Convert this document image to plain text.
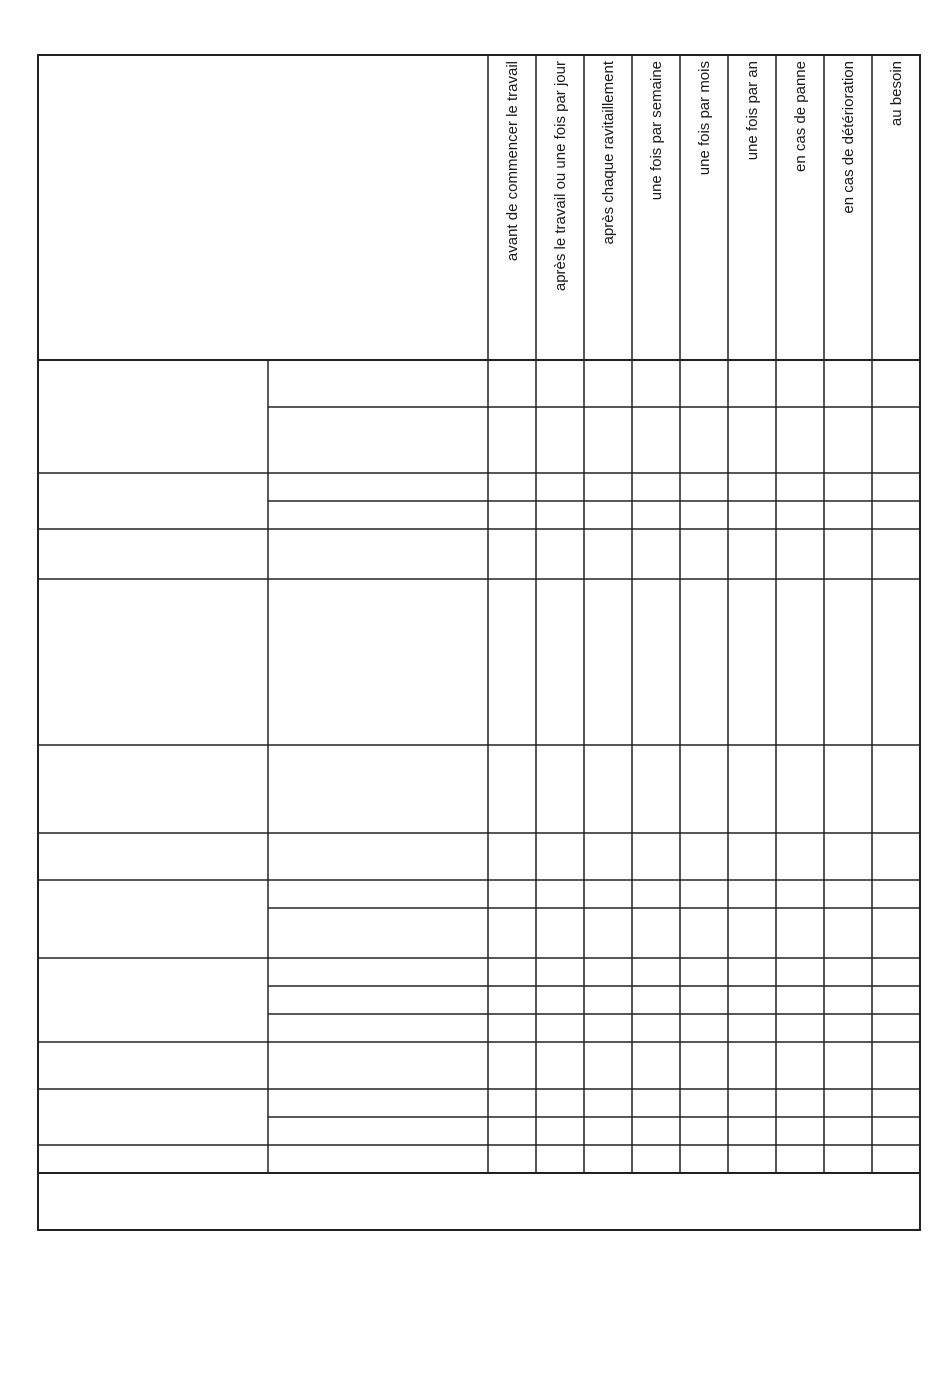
avant de commencer le travail après le travail ou une fois par jour après chaque ravitaillement une fois par semaine une fois par mois une fois par an en cas de panne en cas de détérioration au besoin
